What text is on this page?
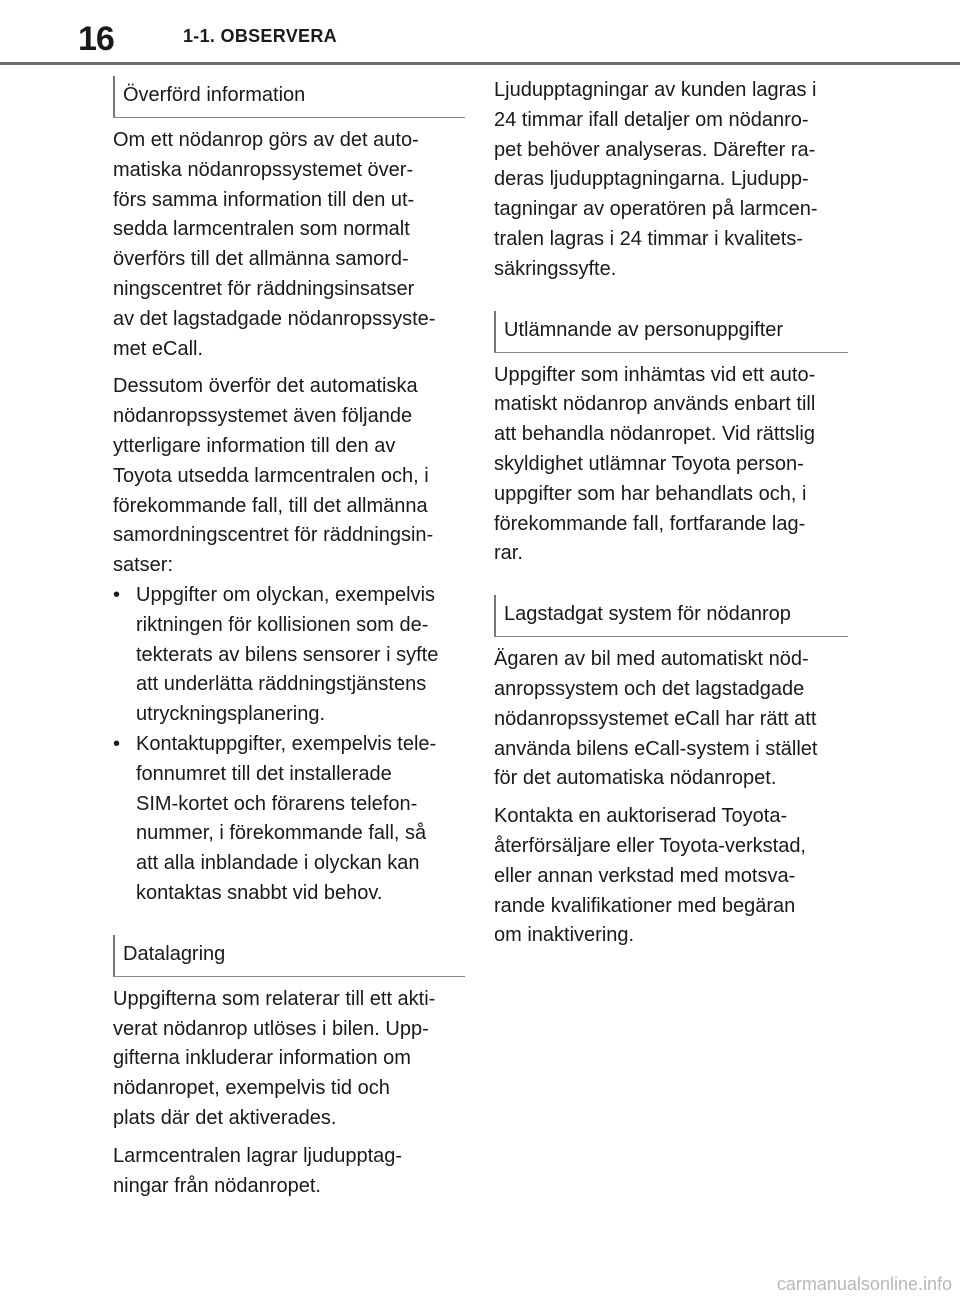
16	1-1. OBSERVERA
Överförd information
Om ett nödanrop görs av det auto-
matiska nödanropssystemet över-
förs samma information till den ut-
sedda larmcentralen som normalt
överförs till det allmänna samord-
ningscentret för räddningsinsatser
av det lagstadgade nödanropssyste-
met eCall.
Dessutom överför det automatiska
nödanropssystemet även följande
ytterligare information till den av
Toyota utsedda larmcentralen och, i
förekommande fall, till det allmänna
samordningscentret för räddningsin-
satser:
• Uppgifter om olyckan, exempelvis
riktningen för kollisionen som de-
tekterats av bilens sensorer i syfte
att underlätta räddningstjänstens
utryckningsplanering.
• Kontaktuppgifter, exempelvis tele-
fonnumret till det installerade
SIM-kortet och förarens telefon-
nummer, i förekommande fall, så
att alla inblandade i olyckan kan
kontaktas snabbt vid behov.
Datalagring
Uppgifterna som relaterar till ett akti-
verat nödanrop utlöses i bilen. Upp-
gifterna inkluderar information om
nödanropet, exempelvis tid och
plats där det aktiverades.
Larmcentralen lagrar ljudupptag-
ningar från nödanropet.
Ljudupptagningar av kunden lagras i
24 timmar ifall detaljer om nödanro-
pet behöver analyseras. Därefter ra-
deras ljudupptagningarna. Ljudupp-
tagningar av operatören på larmcen-
tralen lagras i 24 timmar i kvalitets-
säkringssyfte.
Utlämnande av personuppgifter
Uppgifter som inhämtas vid ett auto-
matiskt nödanrop används enbart till
att behandla nödanropet. Vid rättslig
skyldighet utlämnar Toyota person-
uppgifter som har behandlats och, i
förekommande fall, fortfarande lag-
rar.
Lagstadgat system för nödanrop
Ägaren av bil med automatiskt nöd-
anropssystem och det lagstadgade
nödanropssystemet eCall har rätt att
använda bilens eCall-system i stället
för det automatiska nödanropet.
Kontakta en auktoriserad Toyota-
återförsäljare eller Toyota-verkstad,
eller annan verkstad med motsva-
rande kvalifikationer med begäran
om inaktivering.
carmanualsonline.info
